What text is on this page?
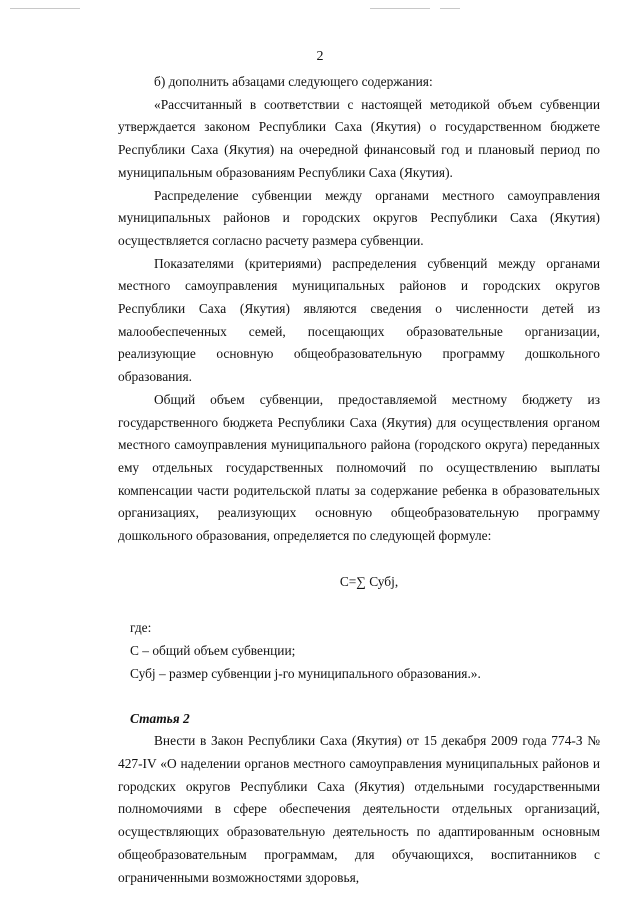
2

б) дополнить абзацами следующего содержания:

«Рассчитанный в соответствии с настоящей методикой объем субвенции утверждается законом Республики Саха (Якутия) о государственном бюджете Республики Саха (Якутия) на очередной финансовый год и плановый период по муниципальным образованиям Республики Саха (Якутия).

Распределение субвенции между органами местного самоуправления муниципальных районов и городских округов Республики Саха (Якутия) осуществляется согласно расчету размера субвенции.

Показателями (критериями) распределения субвенций между органами местного самоуправления муниципальных районов и городских округов Республики Саха (Якутия) являются сведения о численности детей из малообеспеченных семей, посещающих образовательные организации, реализующие основную общеобразовательную программу дошкольного образования.

Общий объем субвенции, предоставляемой местному бюджету из государственного бюджета Республики Саха (Якутия) для осуществления органом местного самоуправления муниципального района (городского округа) переданных ему отдельных государственных полномочий по осуществлению выплаты компенсации части родительской платы за содержание ребенка в образовательных организациях, реализующих основную общеобразовательную программу дошкольного образования, определяется по следующей формуле:

С=∑ Субj,
где:
С – общий объем субвенции;
Субj – размер субвенции j-го муниципального образования.».
Статья 2

Внести в Закон Республики Саха (Якутия) от 15 декабря 2009 года 774-З № 427-IV «О наделении органов местного самоуправления муниципальных районов и городских округов Республики Саха (Якутия) отдельными государственными полномочиями в сфере обеспечения деятельности отдельных организаций, осуществляющих образовательную деятельность по адаптированным основным общеобразовательным программам, для обучающихся, воспитанников с ограниченными возможностями здоровья,
